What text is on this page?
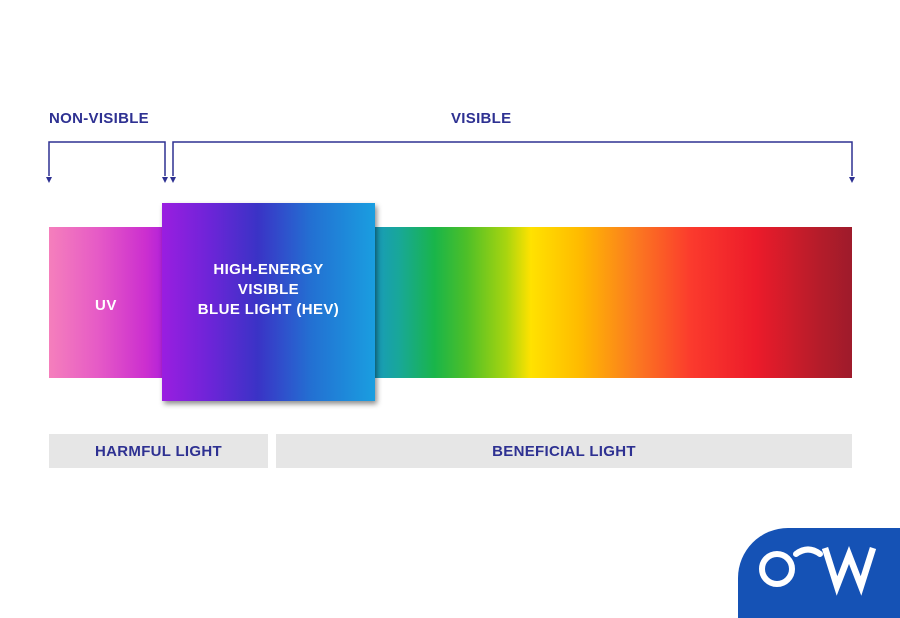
NON-VISIBLE	VISIBLE
UV
HIGH-ENERGY
VISIBLE
BLUE LIGHT (HEV)
HARMFUL LIGHT	BENEFICIAL LIGHT
